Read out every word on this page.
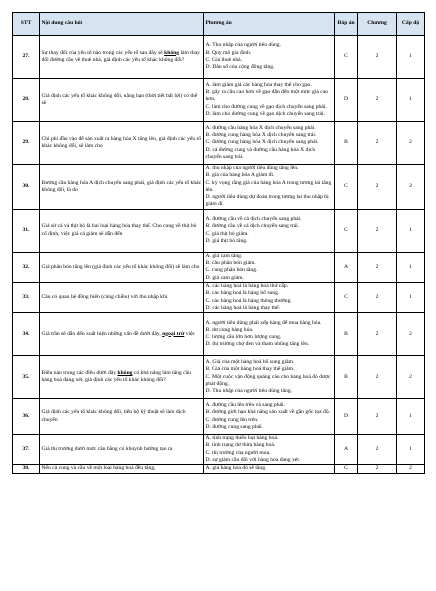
STT	Nội dung câu hỏi	Phương án	Đáp án	Chương	Cấp độ
27.	Sự thay đổi của yếu tố nào trong các yếu tố sau đây sẽ không làm thay đổi đường cầu về thuê nhà, giả định các yếu tố khác không đổi?	A. Thu nhập của người tiêu dùng.
B. Quy mô gia đình.
C. Giá thuê nhà.
D. Dân số của cộng đồng tăng.	C	2	1
28.	Giả định các yếu tố khác không đổi, nắng hạn (thời tiết bất lợi) có thể sẽ	A. làm giảm giá các hàng hóa thay thế cho gạo.
B. gây ra cầu cao hơn về gạo dẫn đến một mức giá cao hơn.
C. làm cho đường cung về gạo dịch chuyển sang phải.
D. làm cho đường cung về gạo dịch chuyển sang trái.	D	2	1
29.	Chi phí đầu vào để sản xuất ra hàng hóa X tăng lên, giả định các yếu tố khác không đổi, sẽ làm cho	A. đường cầu hàng hóa X dịch chuyển sang phải.
B. đường cung hàng hóa X dịch chuyển sang trái.
C. đường cung hàng hóa X dịch chuyển sang phải.
D. cả đường cung và đường cầu hàng hóa X dịch chuyển sang trái.	B	2	2
30.	Đường cầu hàng hóa A dịch chuyển sang phải, giả định các yếu tố khác không đổi, là do	A. thu nhập của người tiêu dùng tăng lên.
B. giá của hàng hóa A giảm đi.
C. kỳ vọng rằng giá của hàng hóa A trong tương lai tăng lên.
D. người tiêu dùng dự đoán trong tương lai thu nhập bị giảm đi.	C	2	2
31.	Giả sử cá và thịt bò là hai loại hàng hóa thay thế. Cho cung về thịt bò cố định, việc giá cá giảm sẽ dẫn đến	A. đường cầu về cá dịch chuyển sang phải.
B. đường cầu về cá dịch chuyển sang trái.
C. giá thịt bò giảm.
D. giá thịt bò tăng.	C	2	1
32.	Giá phân bón tăng lên (giả định các yếu tố khác không đổi) sẽ làm cho	A. giá cam tăng.
B. cầu phân bón giảm.
C. cung phân bón tăng.
D. giá cam giảm.	A	2	1
33.	Cầu có quan hệ đồng biến (cùng chiều) với thu nhập khi	A. các hàng hoá là hàng hoá thứ cấp.
B. các hàng hoá là hàng bổ sung.
C. các hàng hoá là hàng thông thường.
D. các hàng hoá là hàng thay thế.	C	2	1
34.	Giá trần sẽ dẫn đến xuất hiện những vấn đề dưới đây, ngoại trừ việc	A. người tiêu dùng phải xếp hàng để mua hàng hóa.
B. dư cung hàng hóa.
C. lượng cầu lớn hơn lượng cung.
D. thị trường chợ đen và tham nhũng tăng lên.	B	2	2
35.	Điều nào trong các điều dưới đây không có khả năng làm tăng cầu hàng hoá đang xét, giả định các yếu tố khác không đổi?	A. Giá của một hàng hoá bổ sung giảm.
B. Giá của một hàng hoá thay thế giảm.
C. Một cuộc vận động quảng cáo cho hàng hoá đó được phát động.
D. Thu nhập của người tiêu dùng tăng.	B	2	2
36.	Giả định các yếu tố khác không đổi, tiến bộ kỹ thuật sẽ làm dịch chuyển	A. đường cầu lên trên và sang phải.
B. đường giới hạn khả năng sản xuất về gần gốc tọa độ.
C. đường cung lên trên.
D. đường cung sang phải.	D	2	1
37.	Giá thị trường dưới mức cân bằng có khuynh hướng tạo ra	A. tình trạng thiếu hụt hàng hoá.
B. tình trạng dư thừa hàng hoá.
C. thị trường của người mua.
D. sự giảm cầu đối với hàng hóa đang xét.	A	2	1
38.	Nếu cả cung và cầu về một loại hàng hoá đều tăng,	A. giá hàng hóa đó sẽ tăng.	C	2	2
